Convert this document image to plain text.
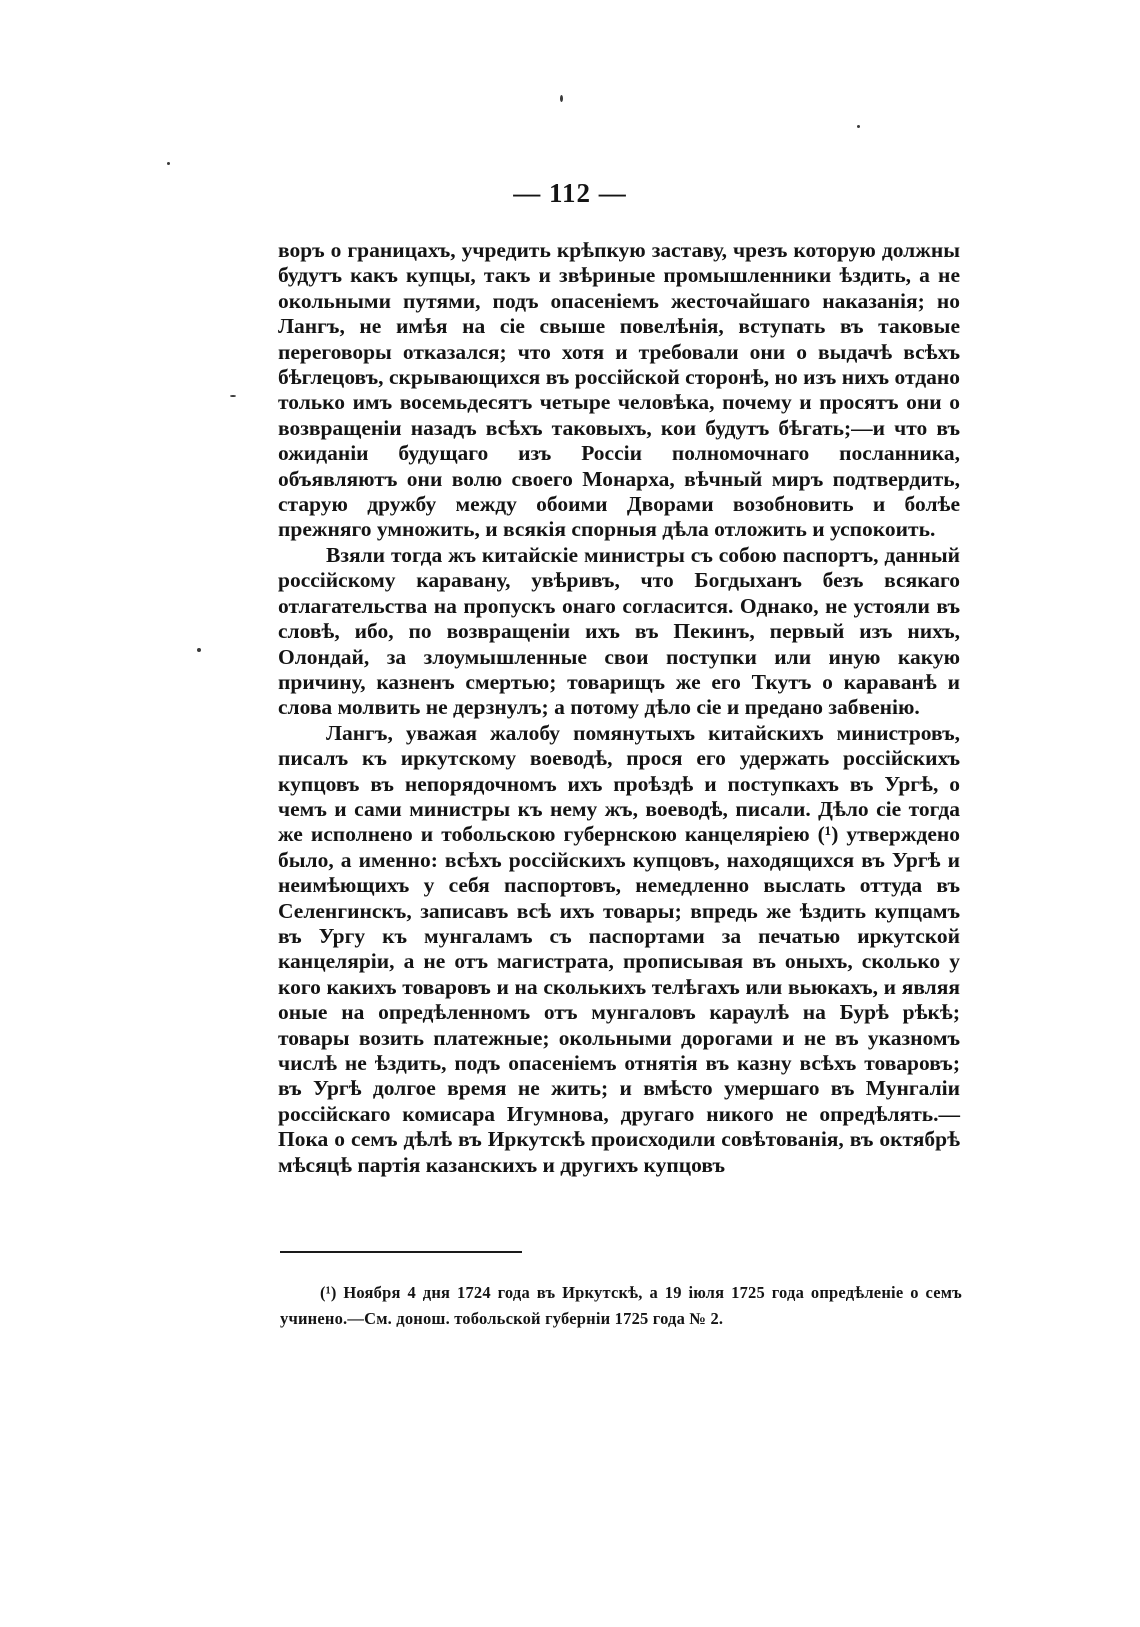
— 112 —

воръ о границахъ, учредить крѣпкую заставу, чрезъ которую должны будутъ какъ купцы, такъ и звѣриные промышленники ѣздить, а не окольными путями, подъ опасеніемъ жесточайшаго наказанія; но Лангъ, не имѣя на сіе свыше повелѣнія, вступать въ таковые переговоры отказался; что хотя и требовали они о выдачѣ всѣхъ бѣглецовъ, скрывающихся въ россійской сторонѣ, но изъ нихъ отдано только имъ восемьдесятъ четыре человѣка, почему и просятъ они о возвращеніи назадъ всѣхъ таковыхъ, кои будутъ бѣгать;—и что въ ожиданіи будущаго изъ Россіи полномочнаго посланника, объявляютъ они волю своего Монарха, вѣчный миръ подтвердить, старую дружбу между обоими Дворами возобновить и болѣе прежняго умножить, и всякія спорныя дѣла отложить и успокоить.

Взяли тогда жъ китайскіе министры съ собою паспортъ, данный россійскому каравану, увѣривъ, что Богдыханъ безъ всякаго отлагательства на пропускъ онаго согласится. Однако, не устояли въ словѣ, ибо, по возвращеніи ихъ въ Пекинъ, первый изъ нихъ, Олондай, за злоумышленные свои поступки или иную какую причину, казненъ смертью; товарищъ же его Ткутъ о караванѣ и слова молвить не дерзнулъ; а потому дѣло сіе и предано забвенію.

Лангъ, уважая жалобу помянутыхъ китайскихъ министровъ, писалъ къ иркутскому воеводѣ, прося его удержать россійскихъ купцовъ въ непорядочномъ ихъ проѣздѣ и поступкахъ въ Ургѣ, о чемъ и сами министры къ нему жъ, воеводѣ, писали. Дѣло сіе тогда же исполнено и тобольскою губернскою канцеляріею (¹) утверждено было, а именно: всѣхъ россійскихъ купцовъ, находящихся въ Ургѣ и неимѣющихъ у себя паспортовъ, немедленно выслать оттуда въ Селенгинскъ, записавъ всѣ ихъ товары; впредь же ѣздить купцамъ въ Ургу къ мунгаламъ съ паспортами за печатью иркутской канцеляріи, а не отъ магистрата, прописывая въ оныхъ, сколько у кого какихъ товаровъ и на сколькихъ телѣгахъ или вьюкахъ, и являя оные на опредѣленномъ отъ мунгаловъ караулѣ на Бурѣ рѣкѣ; товары возить платежные; окольными дорогами и не въ указномъ числѣ не ѣздить, подъ опасеніемъ отнятія въ казну всѣхъ товаровъ; въ Ургѣ долгое время не жить; и вмѣсто умершаго въ Мунгаліи россійскаго комисара Игумнова, другаго никого не опредѣлять.—Пока о семъ дѣлѣ въ Иркутскѣ происходили совѣтованія, въ октябрѣ мѣсяцѣ партія казанскихъ и другихъ купцовъ

(¹) Ноября 4 дня 1724 года въ Иркутскѣ, а 19 іюля 1725 года опредѣленіе о семъ учинено.—См. донош. тобольской губерніи 1725 года № 2.
